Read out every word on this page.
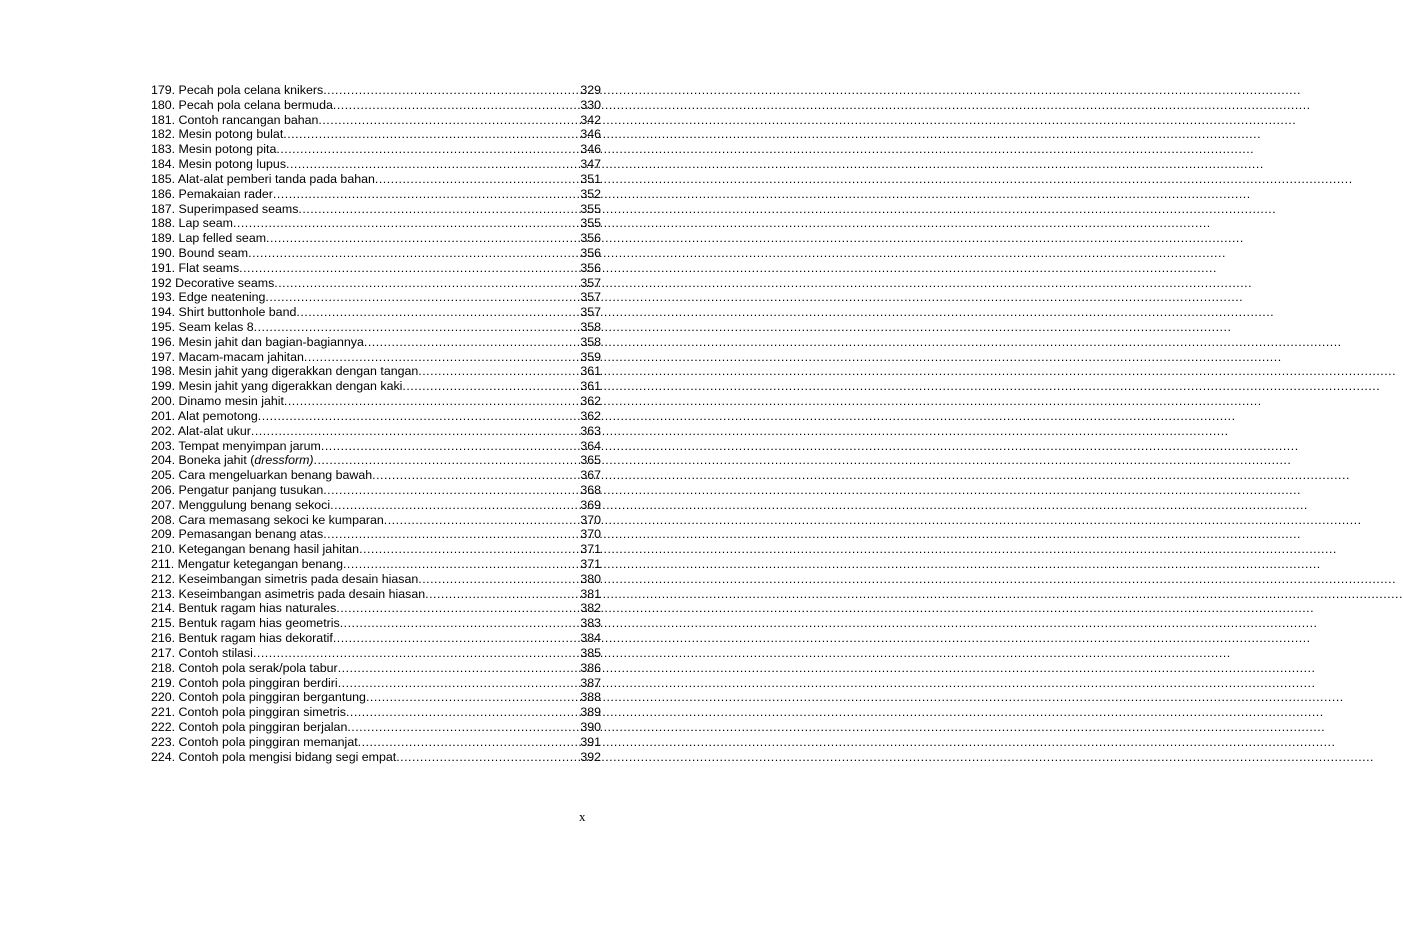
179. Pecah pola celana knikers .....	329
180. Pecah pola celana bermuda .....	330
181. Contoh rancangan bahan .....	342
182. Mesin potong bulat .....	346
183. Mesin potong pita .....	346
184. Mesin potong lupus .....	347
185. Alat-alat pemberi tanda pada bahan .....	351
186. Pemakaian rader .....	352
187. Superimpased seams .....	355
188. Lap seam .....	355
189. Lap felled seam .....	356
190. Bound seam .....	356
191. Flat seams .....	356
192 Decorative seams .....	357
193. Edge neatening .....	357
194. Shirt buttonhole band .....	357
195. Seam kelas 8 .....	358
196. Mesin jahit dan bagian-bagiannya .....	358
197. Macam-macam jahitan .....	359
198. Mesin jahit yang digerakkan dengan tangan .....	361
199. Mesin jahit yang digerakkan dengan kaki .....	361
200. Dinamo mesin jahit .....	362
201. Alat pemotong .....	362
202. Alat-alat ukur .....	363
203. Tempat menyimpan jarum .....	364
204. Boneka jahit (dressform) .....	365
205. Cara mengeluarkan benang bawah .....	367
206. Pengatur panjang tusukan .....	368
207. Menggulung benang sekoci .....	369
208. Cara memasang sekoci ke kumparan .....	370
209. Pemasangan benang atas .....	370
210. Ketegangan benang hasil jahitan .....	371
211. Mengatur ketegangan benang .....	371
212. Keseimbangan simetris pada desain hiasan .....	380
213. Keseimbangan asimetris pada desain hiasan .....	381
214. Bentuk ragam hias naturales .....	382
215. Bentuk ragam hias geometris .....	383
216. Bentuk ragam hias dekoratif .....	384
217. Contoh stilasi .....	385
218. Contoh pola serak/pola tabur .....	386
219. Contoh pola pinggiran berdiri .....	387
220. Contoh pola pinggiran bergantung .....	388
221. Contoh pola pinggiran simetris .....	389
222. Contoh pola pinggiran berjalan .....	390
223. Contoh pola pinggiran memanjat .....	391
224. Contoh pola mengisi bidang segi empat .....	392
x
